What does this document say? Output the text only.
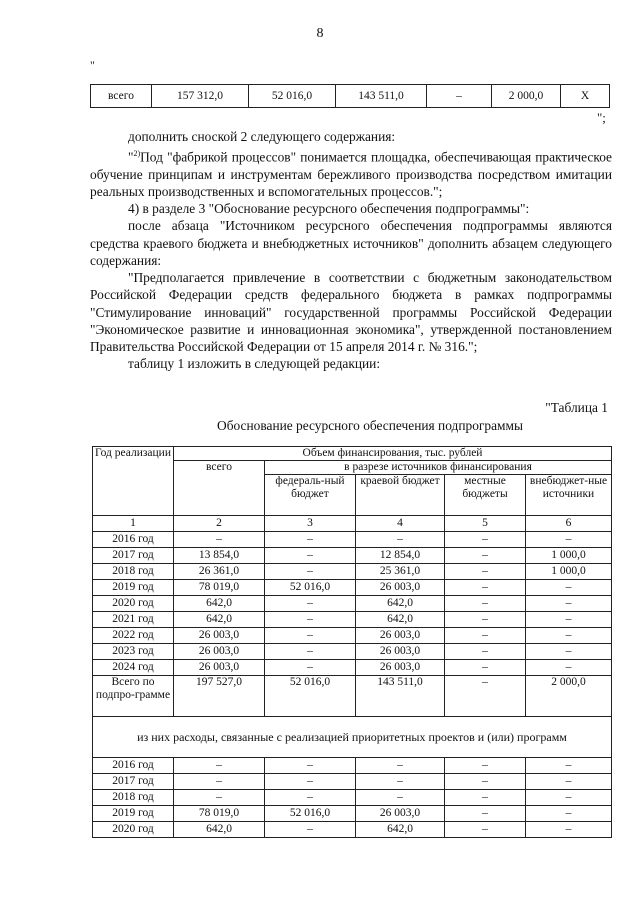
8
"
всего	157 312,0	52 016,0	143 511,0	–	2 000,0	X
";

дополнить сноской 2 следующего содержания:

"$^{2)}$Под "фабрикой процессов" понимается площадка, обеспечивающая практическое обучение принципам и инструментам бережливого производства посредством имитации реальных производственных и вспомогательных процессов.";

4) в разделе 3 "Обоснование ресурсного обеспечения подпрограммы":

после абзаца "Источником ресурсного обеспечения подпрограммы являются средства краевого бюджета и внебюджетных источников" дополнить абзацем следующего содержания:

"Предполагается привлечение в соответствии с бюджетным законодательством Российской Федерации средств федерального бюджета в рамках подпрограммы "Стимулирование инноваций" государственной программы Российской Федерации "Экономическое развитие и инновационная экономика", утвержденной постановлением Правительства Российской Федерации от 15 апреля 2014 г. № 316.";

таблицу 1 изложить в следующей редакции:

"Таблица 1
Обоснование ресурсного обеспечения подпрограммы
Год реализации	Объем финансирования, тыс. рублей				
	всего	в разрезе источников финансирования			
		федераль-ный бюджет	краевой бюджет	местные бюджеты	внебюджет-ные источники
1	2	3	4	5	6
2016 год	–	–	–	–	–
2017 год	13 854,0	–	12 854,0	–	1 000,0
2018 год	26 361,0	–	25 361,0	–	1 000,0
2019 год	78 019,0	52 016,0	26 003,0	–	–
2020 год	642,0	–	642,0	–	–
2021 год	642,0	–	642,0	–	–
2022 год	26 003,0	–	26 003,0	–	–
2023 год	26 003,0	–	26 003,0	–	–
2024 год	26 003,0	–	26 003,0	–	–
Всего по подпро-грамме	197 527,0	52 016,0	143 511,0	–	2 000,0
из них расходы, связанные с реализацией приоритетных проектов и (или) программ					
2016 год	–	–	–	–	–
2017 год	–	–	–	–	–
2018 год	–	–	–	–	–
2019 год	78 019,0	52 016,0	26 003,0	–	–
2020 год	642,0	–	642,0	–	–
